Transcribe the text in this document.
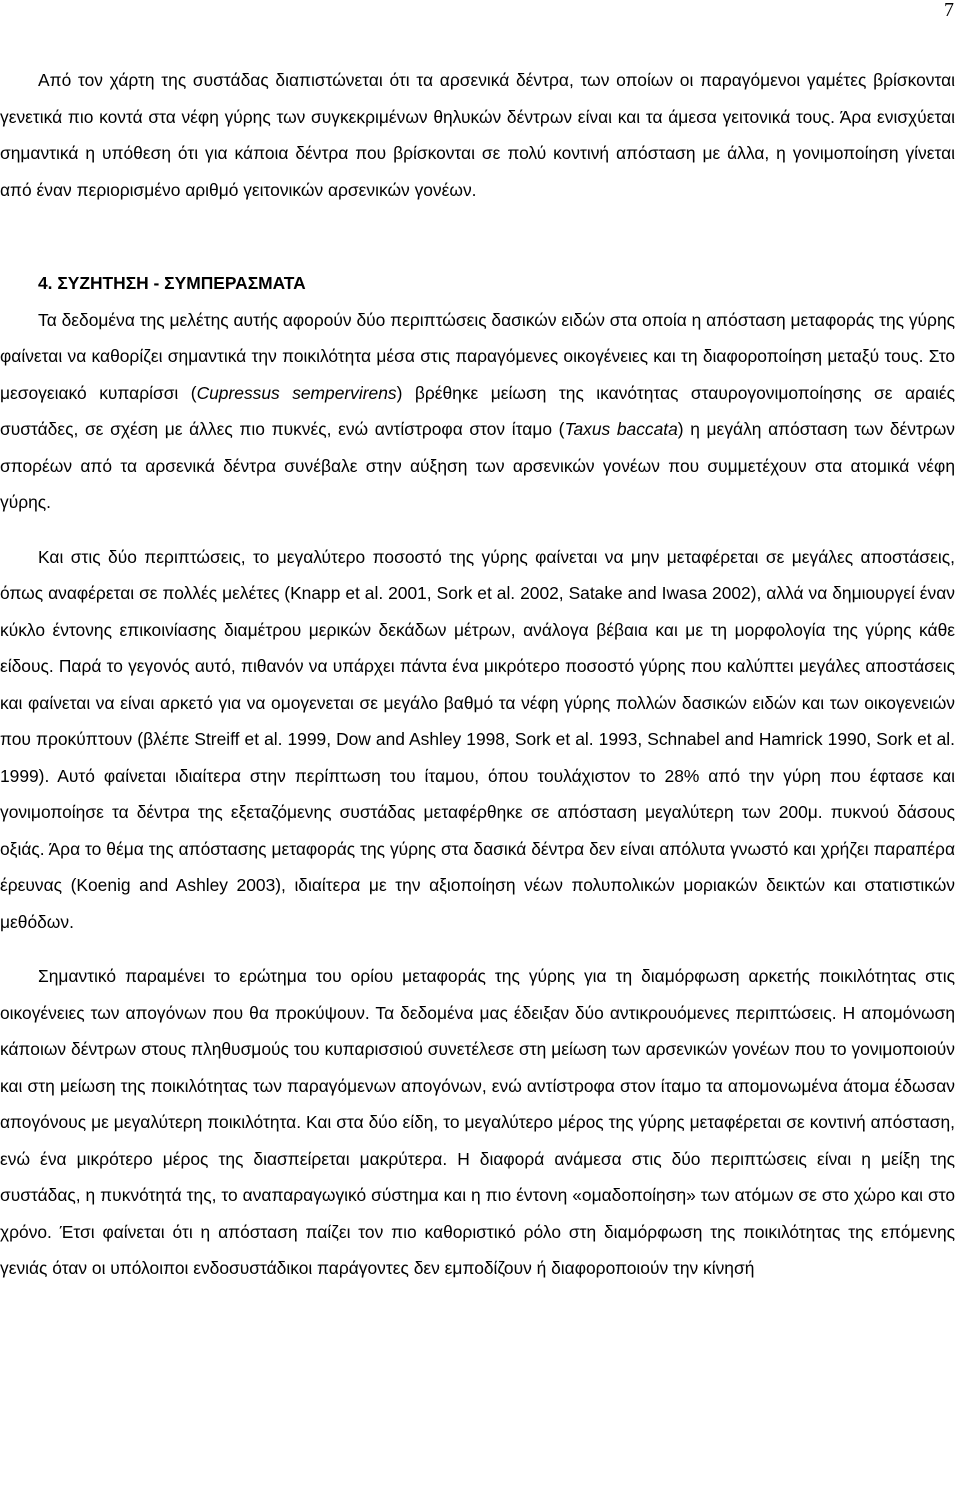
7

Από τον χάρτη της συστάδας διαπιστώνεται ότι τα αρσενικά δέντρα, των οποίων οι παραγόμενοι γαμέτες βρίσκονται γενετικά πιο κοντά στα νέφη γύρης των συγκεκριμένων θηλυκών δέντρων είναι και τα άμεσα γειτονικά τους. Άρα ενισχύεται σημαντικά η υπόθεση ότι για κάποια δέντρα που βρίσκονται σε πολύ κοντινή απόσταση με άλλα, η γονιμοποίηση γίνεται από έναν περιορισμένο αριθμό γειτονικών αρσενικών γονέων.

4. ΣΥΖΗΤΗΣΗ - ΣΥΜΠΕΡΑΣΜΑΤΑ

Τα δεδομένα της μελέτης αυτής αφορούν δύο περιπτώσεις δασικών ειδών στα οποία η απόσταση μεταφοράς της γύρης φαίνεται να καθορίζει σημαντικά την ποικιλότητα μέσα στις παραγόμενες οικογένειες και τη διαφοροποίηση μεταξύ τους. Στο μεσογειακό κυπαρίσσι (Cupressus sempervirens) βρέθηκε μείωση της ικανότητας σταυρογονιμοποίησης σε αραιές συστάδες, σε σχέση με άλλες πιο πυκνές, ενώ αντίστροφα στον ίταμο (Taxus baccata) η μεγάλη απόσταση των δέντρων σπορέων από τα αρσενικά δέντρα συνέβαλε στην αύξηση των αρσενικών γονέων που συμμετέχουν στα ατομικά νέφη γύρης.

Και στις δύο περιπτώσεις, το μεγαλύτερο ποσοστό της γύρης φαίνεται να μην μεταφέρεται σε μεγάλες αποστάσεις, όπως αναφέρεται σε πολλές μελέτες (Knapp et al. 2001, Sork et al. 2002, Satake and Iwasa 2002), αλλά να δημιουργεί έναν κύκλο έντονης επικοινίασης διαμέτρου μερικών δεκάδων μέτρων, ανάλογα βέβαια και με τη μορφολογία της γύρης κάθε είδους. Παρά το γεγονός αυτό, πιθανόν να υπάρχει πάντα ένα μικρότερο ποσοστό γύρης που καλύπτει μεγάλες αποστάσεις και φαίνεται να είναι αρκετό για να ομογενεται σε μεγάλο βαθμό τα νέφη γύρης πολλών δασικών ειδών και των οικογενειών που προκύπτουν (βλέπε Streiff et al. 1999, Dow and Ashley 1998, Sork et al. 1993, Schnabel and Hamrick 1990, Sork et al. 1999). Αυτό φαίνεται ιδιαίτερα στην περίπτωση του ίταμου, όπου τουλάχιστον το 28% από την γύρη που έφτασε και γονιμοποίησε τα δέντρα της εξεταζόμενης συστάδας μεταφέρθηκε σε απόσταση μεγαλύτερη των 200μ. πυκνού δάσους οξιάς. Άρα το θέμα της απόστασης μεταφοράς της γύρης στα δασικά δέντρα δεν είναι απόλυτα γνωστό και χρήζει παραπέρα έρευνας (Koenig and Ashley 2003), ιδιαίτερα με την αξιοποίηση νέων πολυπολικών μοριακών δεικτών και στατιστικών μεθόδων.

Σημαντικό παραμένει το ερώτημα του ορίου μεταφοράς της γύρης για τη διαμόρφωση αρκετής ποικιλότητας στις οικογένειες των απογόνων που θα προκύψουν. Τα δεδομένα μας έδειξαν δύο αντικρουόμενες περιπτώσεις. Η απομόνωση κάποιων δέντρων στους πληθυσμούς του κυπαρισσιού συνετέλεσε στη μείωση των αρσενικών γονέων που το γονιμοποιούν και στη μείωση της ποικιλότητας των παραγόμενων απογόνων, ενώ αντίστροφα στον ίταμο τα απομονωμένα άτομα έδωσαν απογόνους με μεγαλύτερη ποικιλότητα. Και στα δύο είδη, το μεγαλύτερο μέρος της γύρης μεταφέρεται σε κοντινή απόσταση, ενώ ένα μικρότερο μέρος της διασπείρεται μακρύτερα. Η διαφορά ανάμεσα στις δύο περιπτώσεις είναι η μείξη της συστάδας, η πυκνότητά της, το αναπαραγωγικό σύστημα και η πιο έντονη «ομαδοποίηση» των ατόμων σε στο χώρο και στο χρόνο. Έτσι φαίνεται ότι η απόσταση παίζει τον πιο καθοριστικό ρόλο στη διαμόρφωση της ποικιλότητας της επόμενης γενιάς όταν οι υπόλοιποι ενδοσυστάδικοι παράγοντες δεν εμποδίζουν ή διαφοροποιούν την κίνησή
